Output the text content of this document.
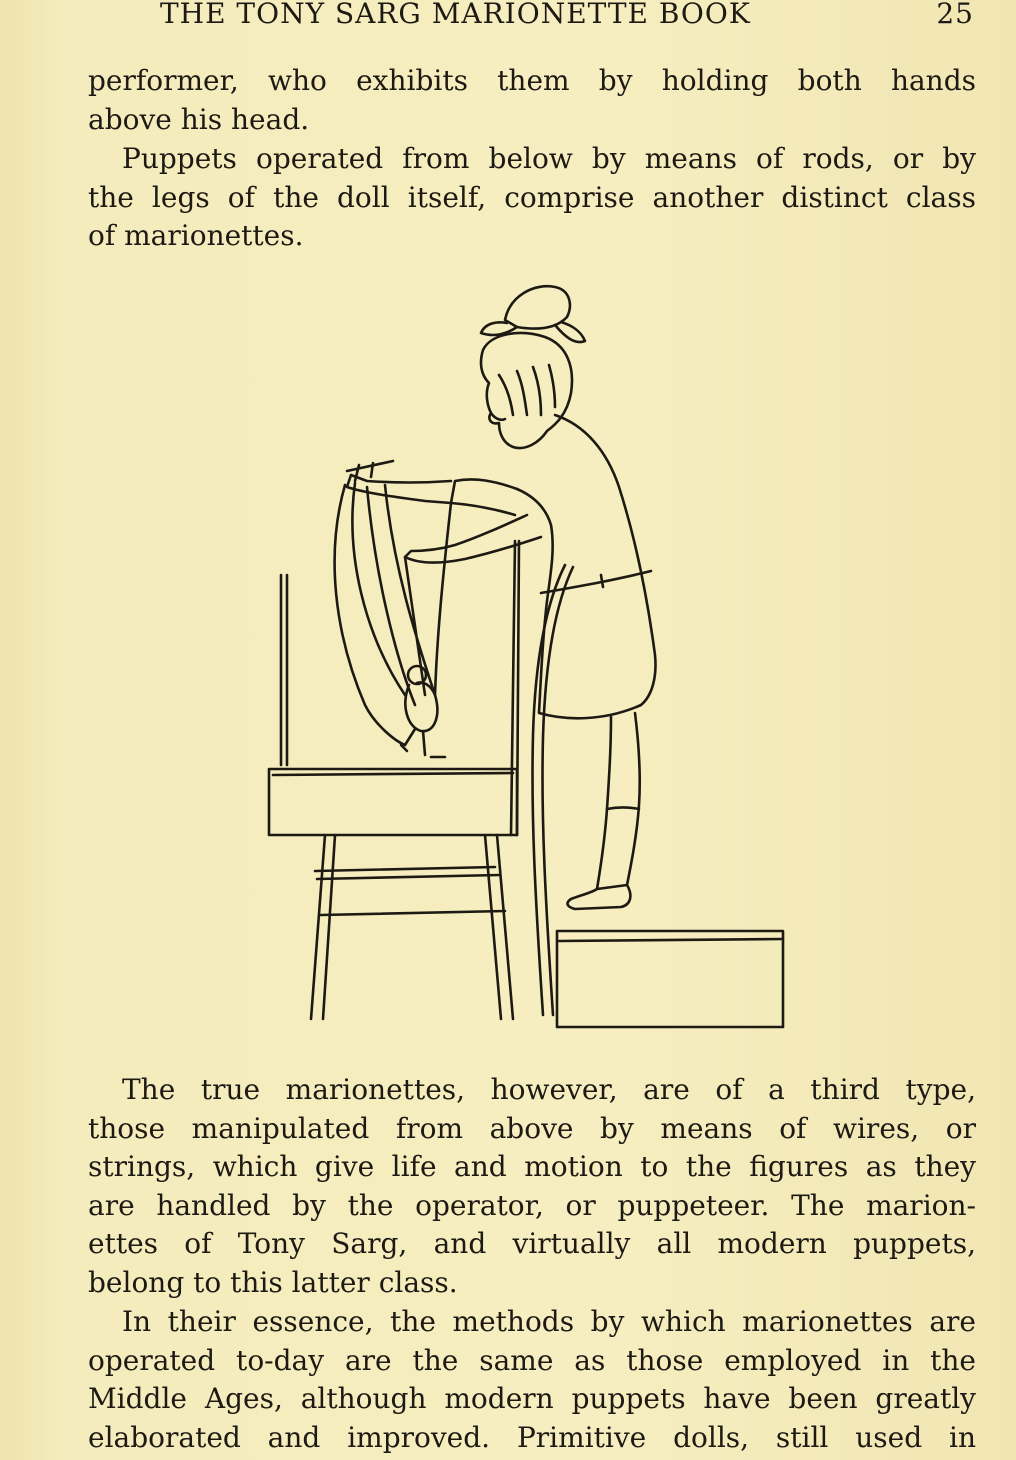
THE TONY SARG MARIONETTE BOOK	25
performer, who exhibits them by holding both hands
above his head.
Puppets operated from below by means of rods, or by
the legs of the doll itself, comprise another distinct class
of marionettes.
The true marionettes, however, are of a third type,
those manipulated from above by means of wires, or
strings, which give life and motion to the figures as they
are handled by the operator, or puppeteer. The marion-
ettes of Tony Sarg, and virtually all modern puppets,
belong to this latter class.
In their essence, the methods by which marionettes are
operated to-day are the same as those employed in the
Middle Ages, although modern puppets have been greatly
elaborated and improved. Primitive dolls, still used in
